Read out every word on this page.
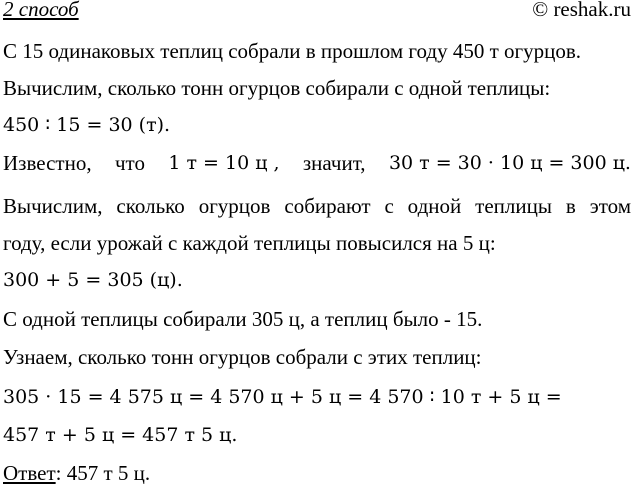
2 способ	© reshak.ru
С 15 одинаковых теплиц собрали в прошлом году 450 т огурцов.
Вычислим, сколько тонн огурцов собирали с одной теплицы:
450 ∶ 15 = 30 (т).
Известно, что 1 т = 10 ц , значит, 30 т = 30 · 10 ц = 300 ц.
Вычислим, сколько огурцов собирают с одной теплицы в этом
году, если урожай с каждой теплицы повысился на 5 ц:
300 + 5 = 305 (ц).
С одной теплицы собирали 305 ц, а теплиц было - 15.
Узнаем, сколько тонн огурцов собрали с этих теплиц:
305 · 15 = 4 575 ц = 4 570 ц + 5 ц = 4 570 ∶ 10 т + 5 ц =
457 т + 5 ц = 457 т 5 ц.
Ответ: 457 т 5 ц.
